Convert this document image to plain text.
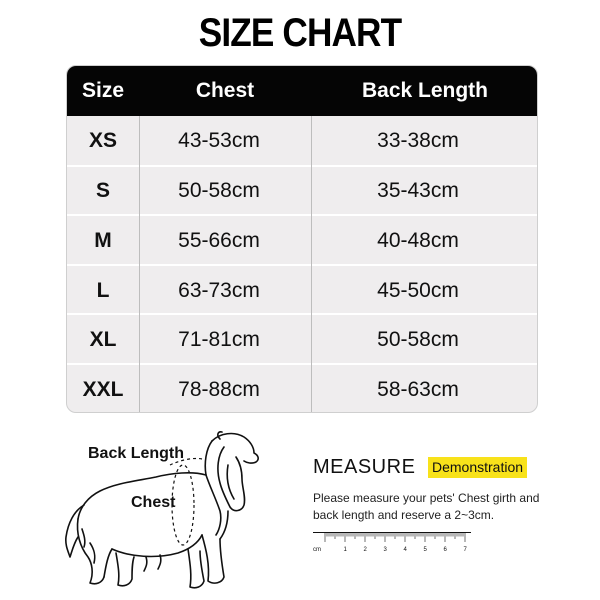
SIZE CHART
Size	Chest	Back Length
XS	43-53cm	33-38cm
S	50-58cm	35-43cm
M	55-66cm	40-48cm
L	63-73cm	45-50cm
XL	71-81cm	50-58cm
XXL	78-88cm	58-63cm
Back Length
Chest
MEASURE Demonstration
Please measure your pets' Chest girth and back length and reserve a 2~3cm.
cm	1	2	3	4	5	6	7
